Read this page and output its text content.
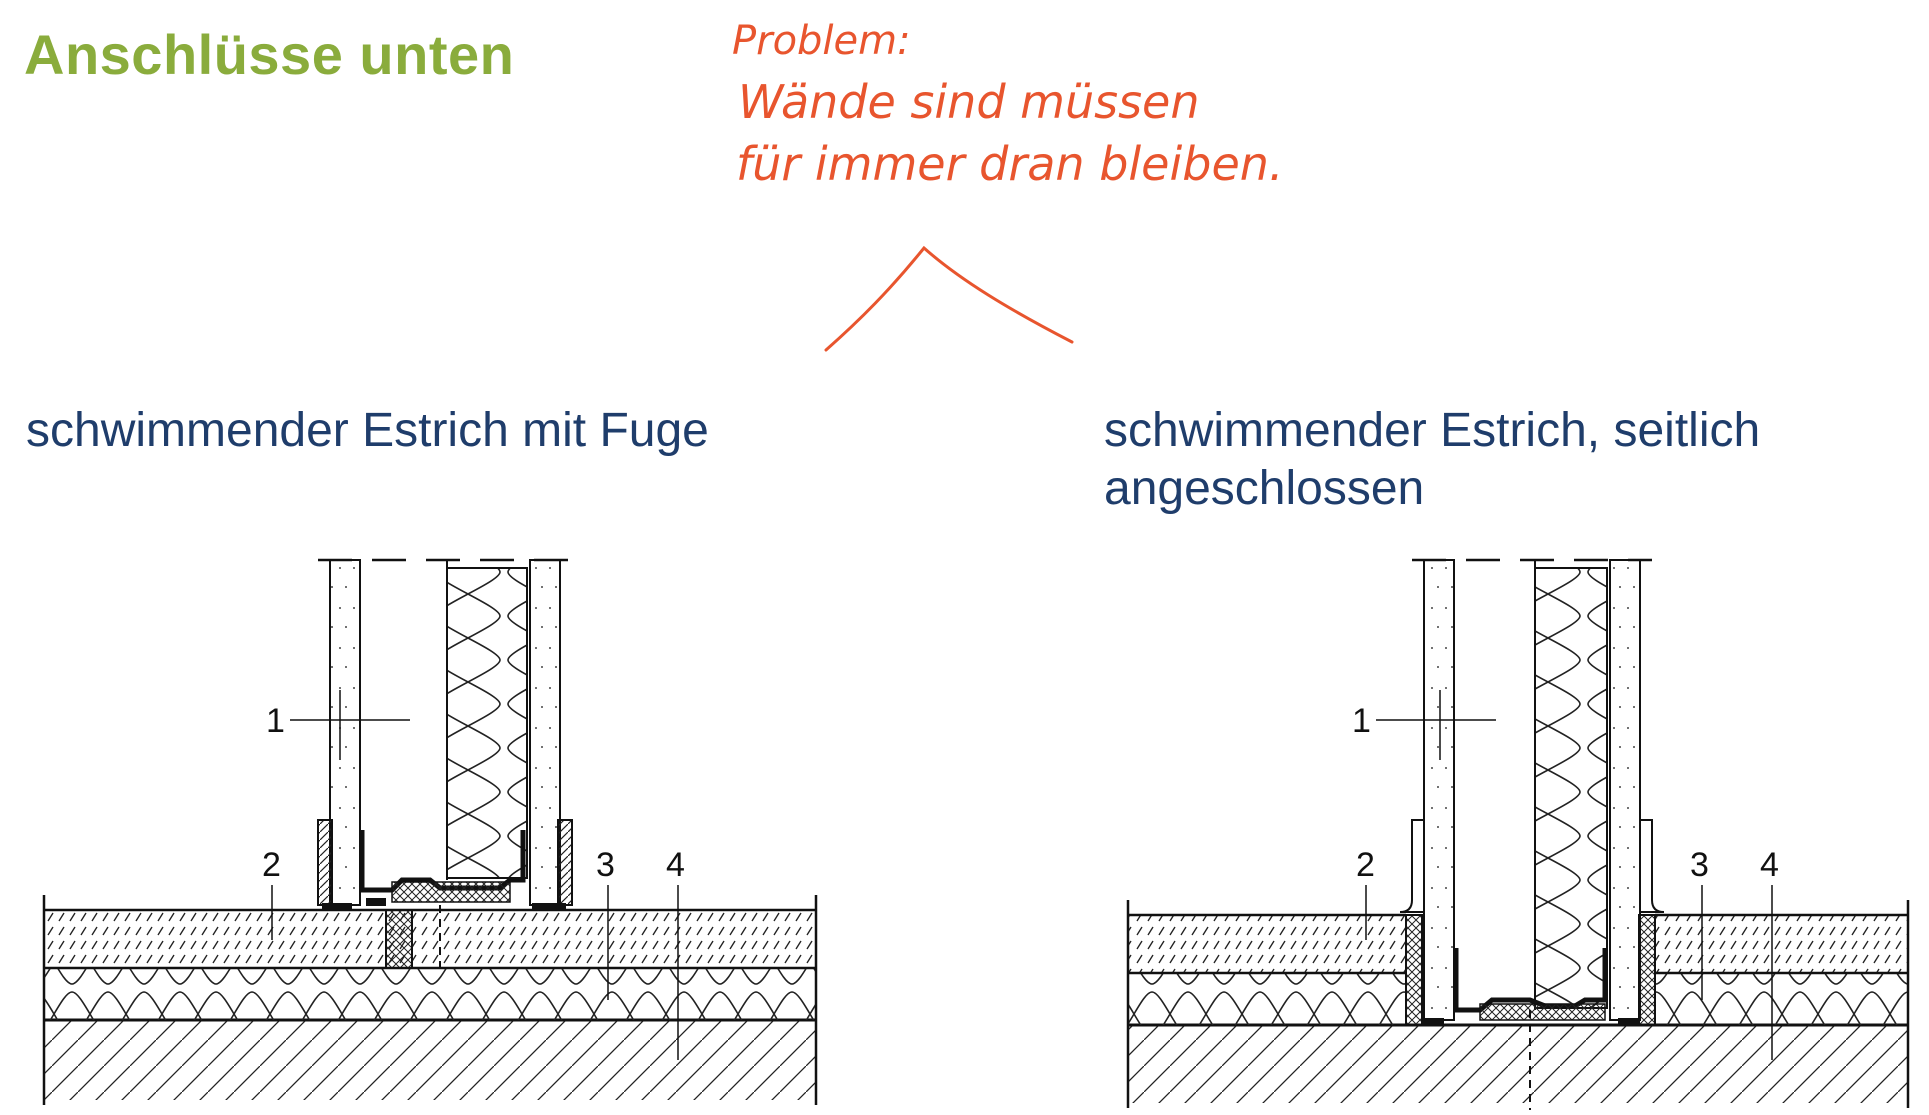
Anschlüsse unten
schwimmender Estrich mit Fuge	schwimmender Estrich, seitlich angeschlossen
1
2	3 4
1
2	3 4
Problem:
Wände sind müssen
für immer dran bleiben.
